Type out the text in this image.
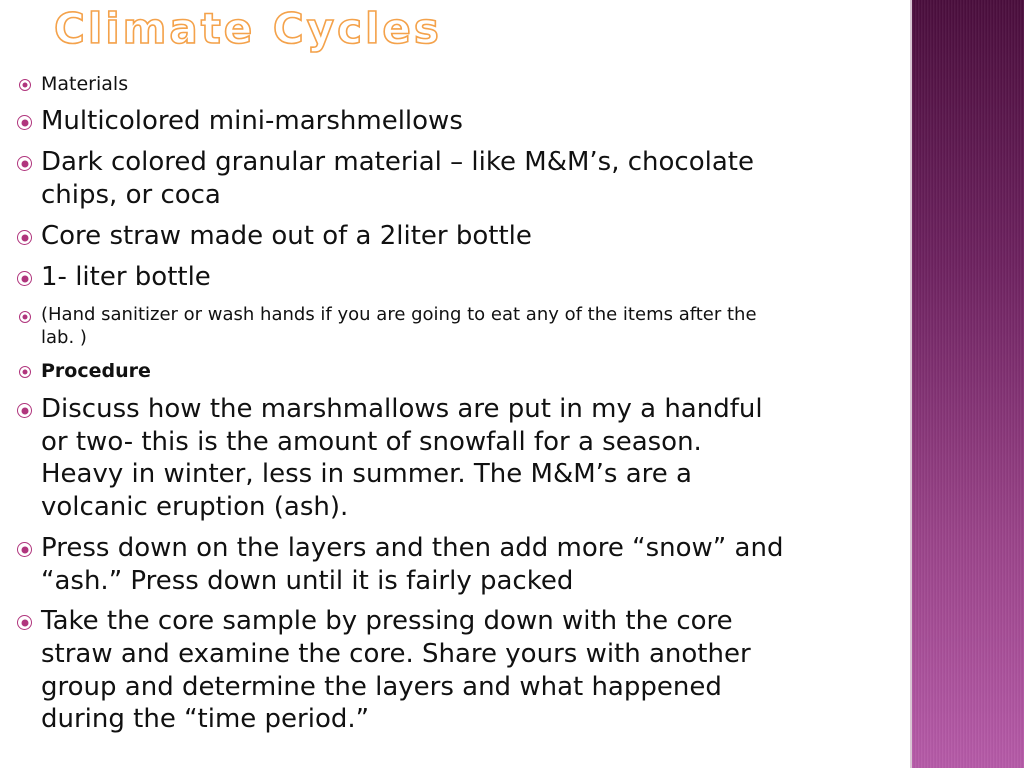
Climate Cycles
Materials
Multicolored mini-marshmellows
Dark colored granular material – like M&M’s, chocolate
chips, or coca
Core straw made out of a 2liter bottle
1- liter bottle
(Hand sanitizer or wash hands if you are going to eat any of the items after the
lab. )
Procedure
Discuss how the marshmallows are put in my a handful
or two- this is the amount of snowfall for a season.
Heavy in winter, less in summer. The M&M’s are a
volcanic eruption (ash).
Press down on the layers and then add more “snow” and
“ash.” Press down until it is fairly packed
Take the core sample by pressing down with the core
straw and examine the core. Share yours with another
group and determine the layers and what happened
during the “time period.”
